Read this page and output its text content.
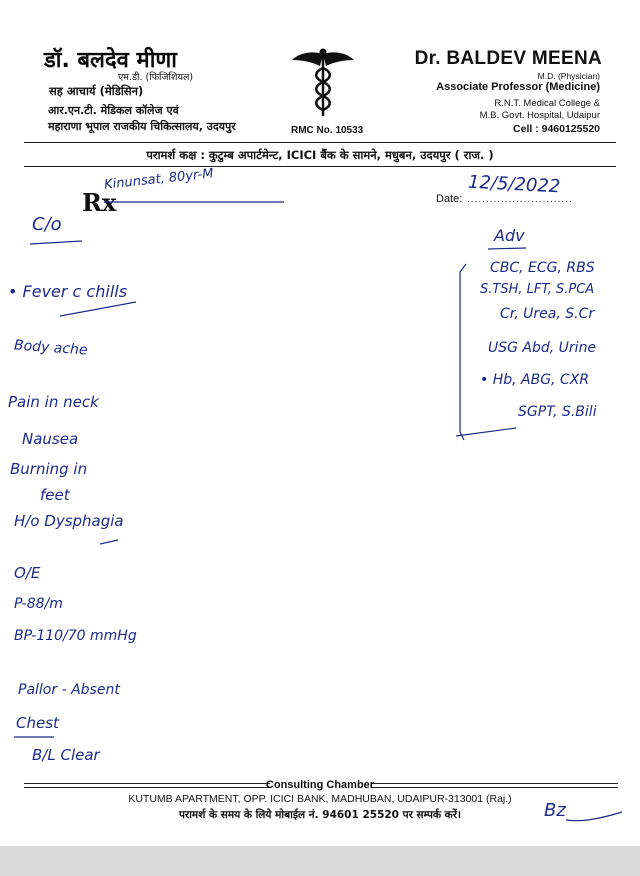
डॉ. बलदेव मीणा
एम.डी. (फिजिशियल)
सह आचार्य (मेडिसिन)
आर.एन.टी. मेडिकल कॉलेज एवं
महाराणा भूपाल राजकीय चिकित्सालय, उदयपुर	RMC No. 10533
Dr. BALDEV MEENA
M.D. (Physician)
Associate Professor (Medicine)
R.N.T. Medical College &
M.B. Govt. Hospital, Udaipur
Cell : 9460125520
परामर्श कक्ष : कुटुम्ब अपार्टमेन्ट, ICICI बैंक के सामने, मधुबन, उदयपुर ( राज. )
Rx	Date: ............................
Kinunsat, 80yr-M	12/5/2022
C/o
• Fever c chills
Body ache
Pain in neck
Nausea
Burning in
feet
H/o Dysphagia
O/E
P-88/m
BP-110/70 mmHg
Pallor - Absent
Chest
B/L Clear
Adv
CBC, ECG, RBS
S.TSH, LFT, S.PCA
Cr, Urea, S.Cr
USG Abd, Urine
• Hb, ABG, CXR
SGPT, S.Bili
Bz
Consulting Chamber
KUTUMB APARTMENT, OPP. ICICI BANK, MADHUBAN, UDAIPUR-313001 (Raj.)
परामर्श के समय के लिये मोबाईल नं. 94601 25520 पर सम्पर्क करें।
